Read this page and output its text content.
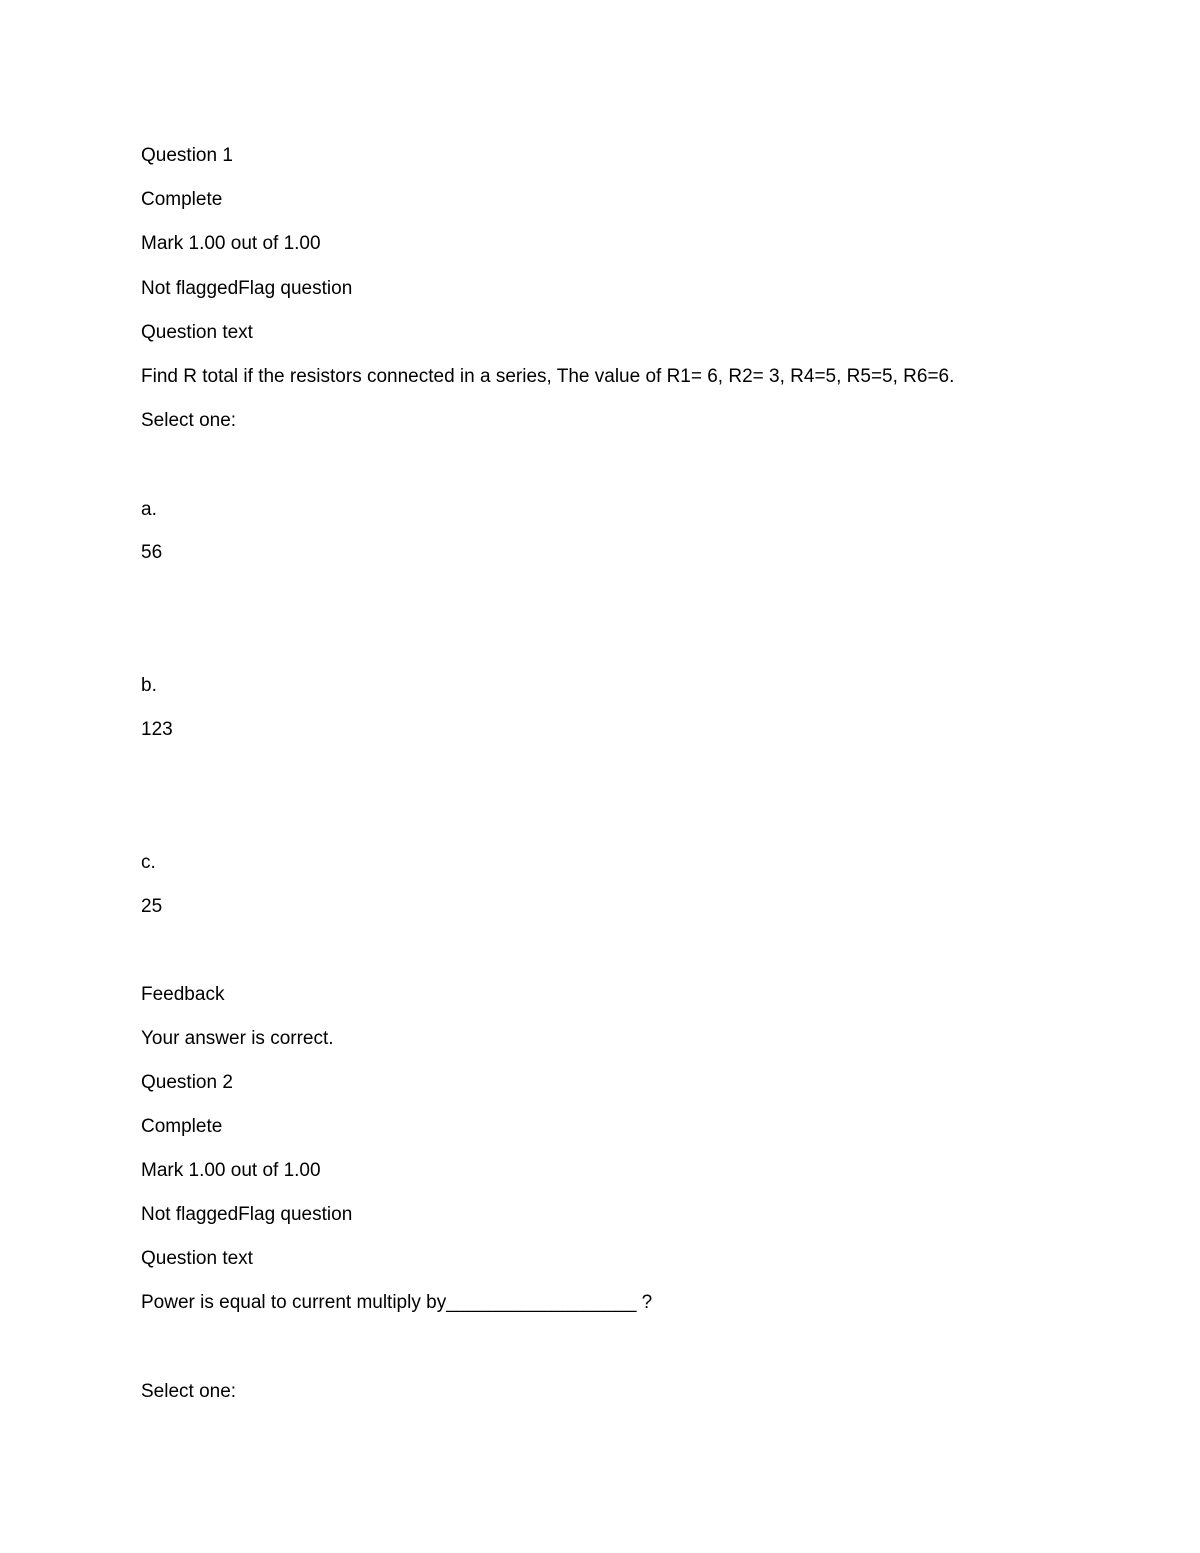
Question 1
Complete
Mark 1.00 out of 1.00
Not flaggedFlag question
Question text
Find R total if the resistors connected in a series, The value of R1= 6, R2= 3, R4=5, R5=5, R6=6.
Select one:
a.
56
b.
123
c.
25
Feedback
Your answer is correct.
Question 2
Complete
Mark 1.00 out of 1.00
Not flaggedFlag question
Question text
Power is equal to current multiply by__________________ ?
Select one:
